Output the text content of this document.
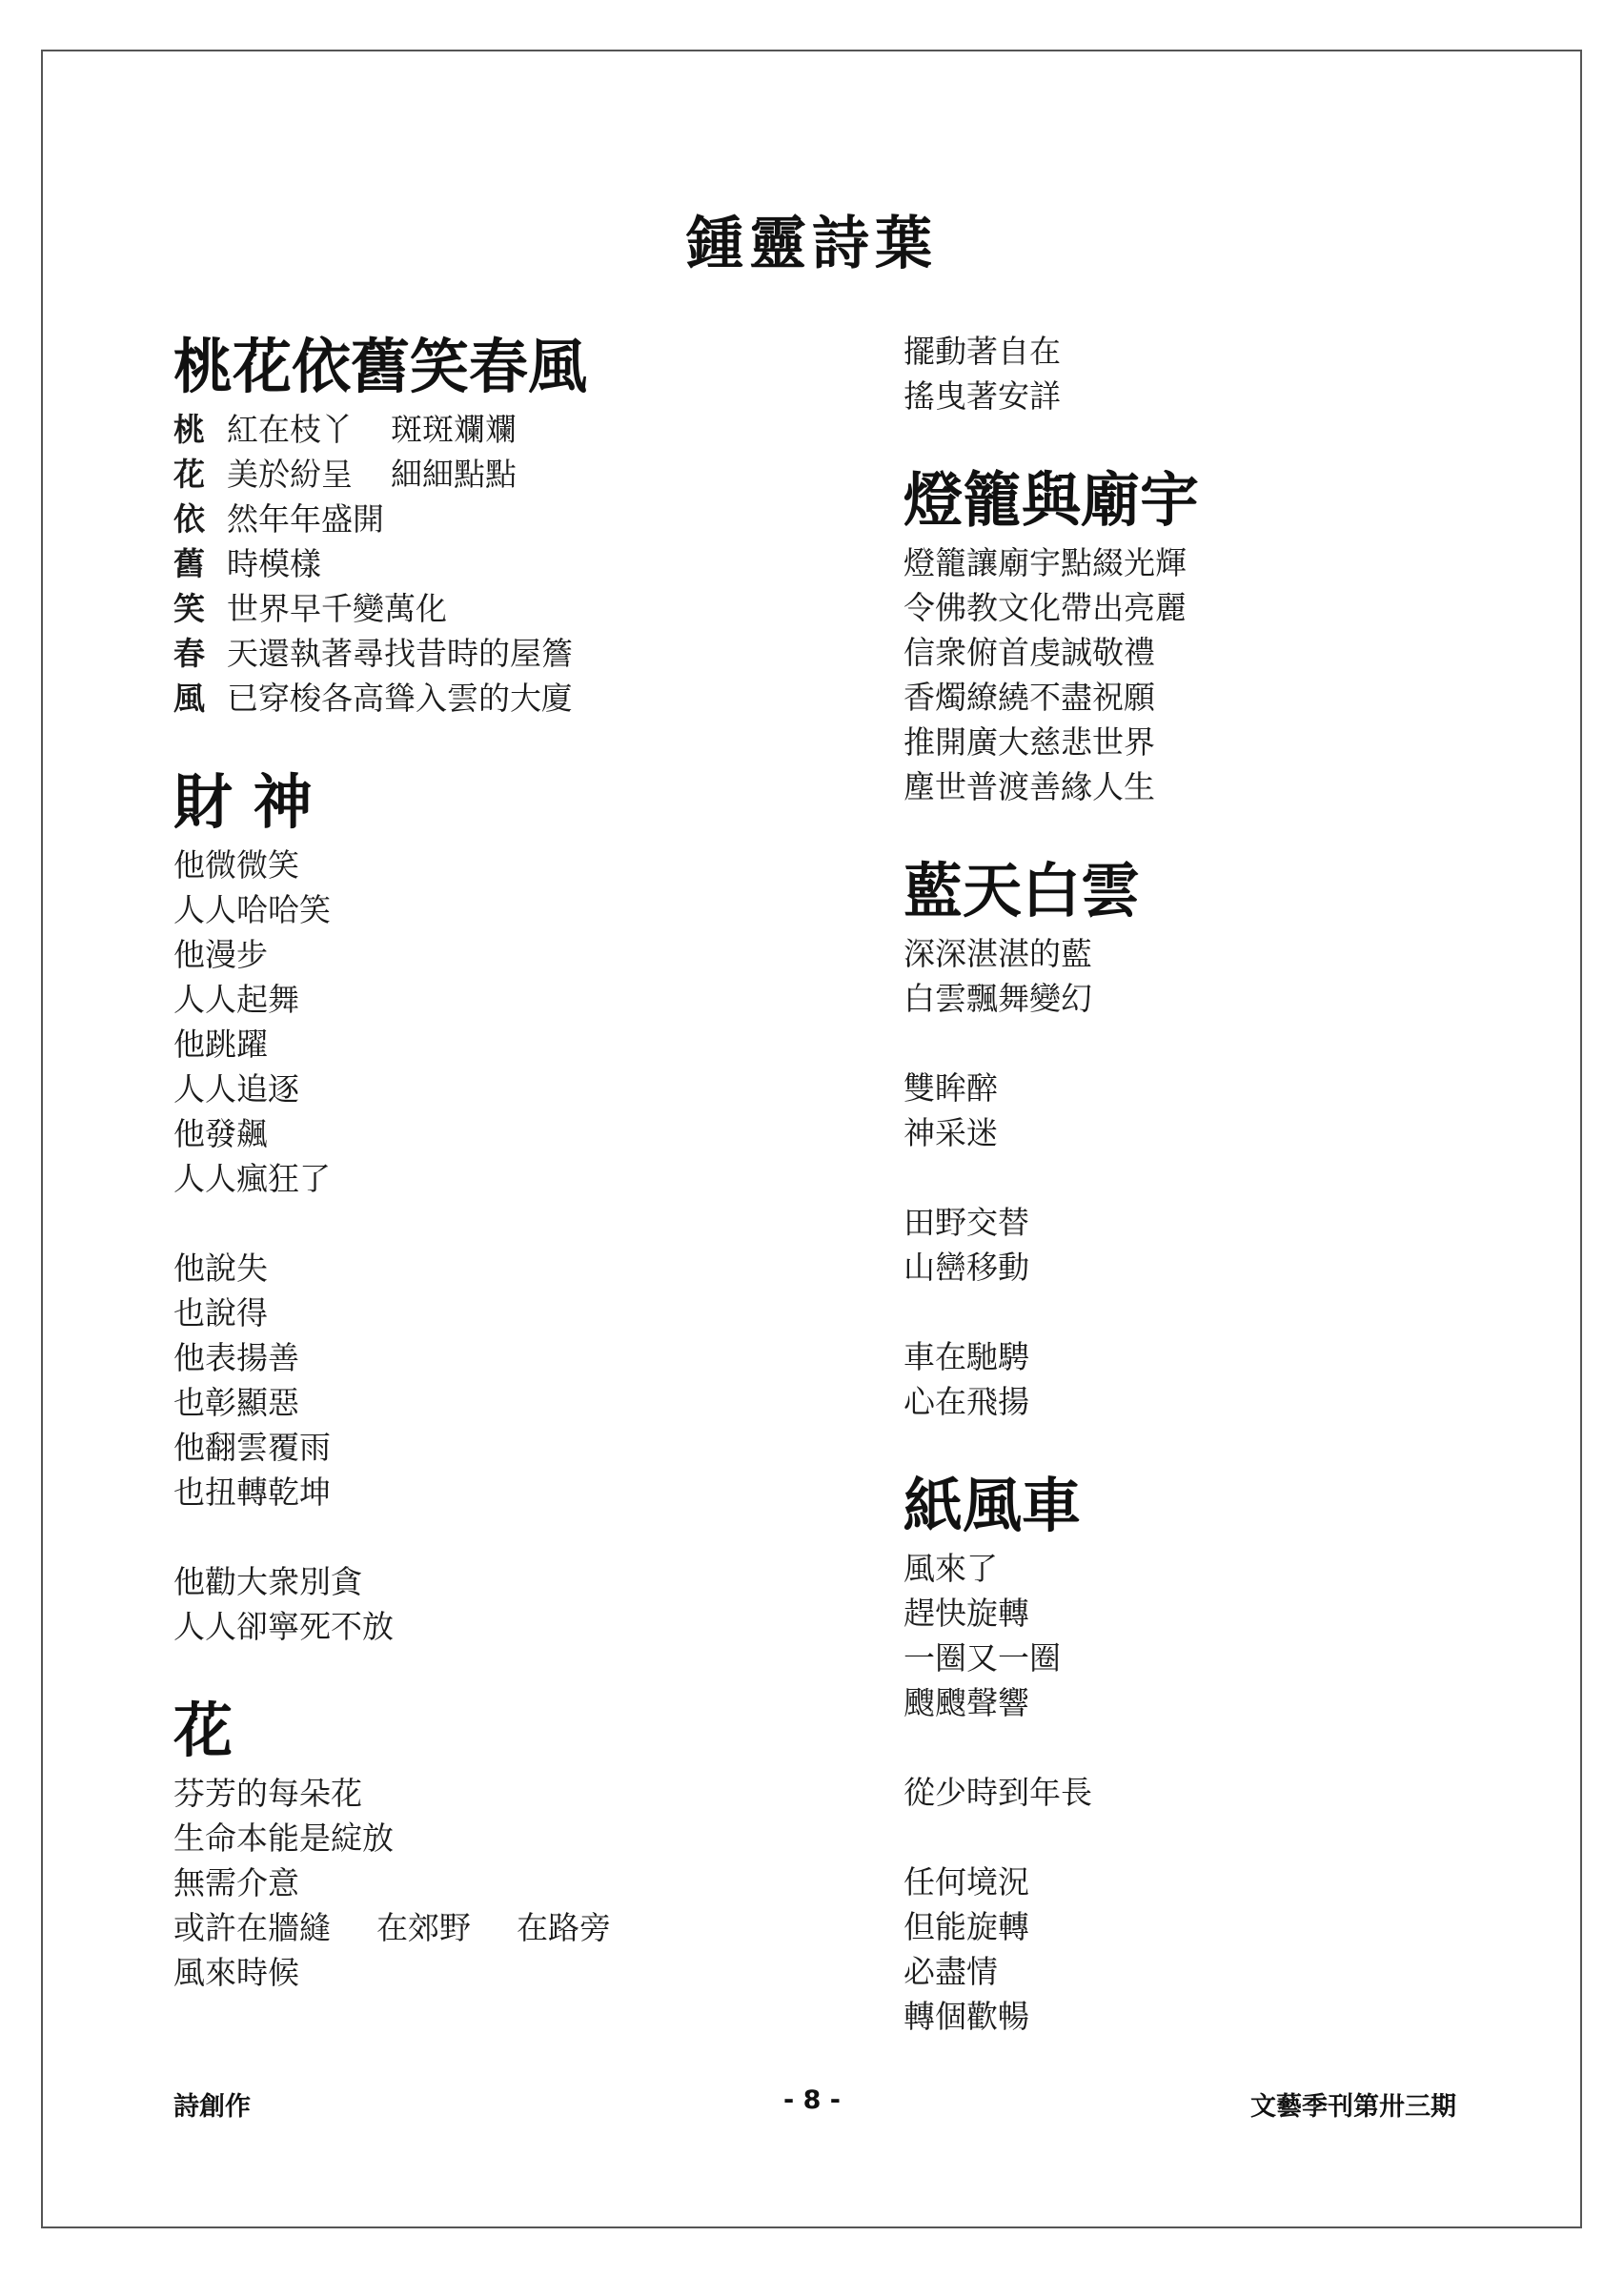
鍾靈詩葉
桃花依舊笑春風
桃 紅在枝丫 斑斑斕斕
花 美於紛呈 細細點點
依 然年年盛開
舊 時模樣
笑 世界早千變萬化
春 天還執著尋找昔時的屋簷
風 已穿梭各高聳入雲的大廈
財 神
他微微笑
人人哈哈笑
他漫步
人人起舞
他跳躍
人人追逐
他發飆
人人瘋狂了
他說失
也說得
他表揚善
也彰顯惡
他翻雲覆雨
也扭轉乾坤
他勸大衆別貪
人人卻寧死不放
花
芬芳的每朵花
生命本能是綻放
無需介意
或許在牆縫 在郊野 在路旁
風來時候
擺動著自在
搖曳著安詳
燈籠與廟宇
燈籠讓廟宇點綴光輝
令佛教文化帶出亮麗
信衆俯首虔誠敬禮
香燭繚繞不盡祝願
推開廣大慈悲世界
塵世普渡善緣人生
藍天白雲
深深湛湛的藍
白雲飄舞變幻
雙眸醉
神采迷
田野交替
山巒移動
車在馳騁
心在飛揚
紙風車
風來了
趕快旋轉
一圈又一圈
颼颼聲響
從少時到年長
任何境況
但能旋轉
必盡情
轉個歡暢
詩創作	- 8 -	文藝季刊第卅三期
